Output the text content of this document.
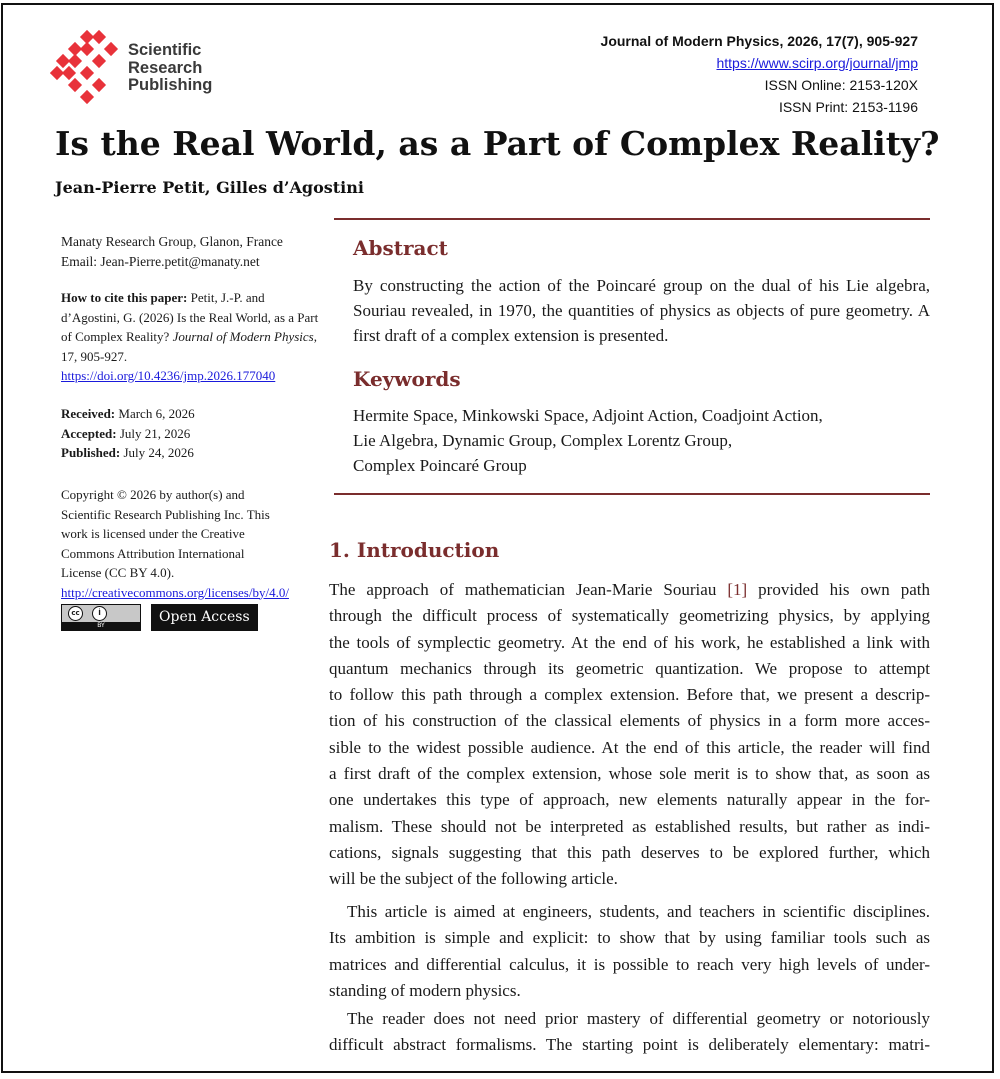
Scientific
Research
Publishing
Journal of Modern Physics, 2026, 17(7), 905-927
https://www.scirp.org/journal/jmp
ISSN Online: 2153-120X
ISSN Print: 2153-1196
Is the Real World, as a Part of Complex Reality?
Jean-Pierre Petit, Gilles d’Agostini
Manaty Research Group, Glanon, France
Email: Jean-Pierre.petit@manaty.net
How to cite this paper: Petit, J.-P. and d’Agostini, G. (2026) Is the Real World, as a Part of Complex Reality? Journal of Modern Physics, 17, 905-927.
https://doi.org/10.4236/jmp.2026.177040
Received: March 6, 2026
Accepted: July 21, 2026
Published: July 24, 2026
Copyright © 2026 by author(s) and Scientific Research Publishing Inc. This work is licensed under the Creative Commons Attribution International License (CC BY 4.0).
http://creativecommons.org/licenses/by/4.0/
cc	İ
BY
Open Access
Abstract
By constructing the action of the Poincaré group on the dual of his Lie algebra, Souriau revealed, in 1970, the quantities of physics as objects of pure geometry. A first draft of a complex extension is presented.
Keywords
Hermite Space, Minkowski Space, Adjoint Action, Coadjoint Action,
Lie Algebra, Dynamic Group, Complex Lorentz Group,
Complex Poincaré Group
1. Introduction
The approach of mathematician Jean-Marie Souriau [1] provided his own path
through the difficult process of systematically geometrizing physics, by applying
the tools of symplectic geometry. At the end of his work, he established a link with
quantum mechanics through its geometric quantization. We propose to attempt
to follow this path through a complex extension. Before that, we present a descrip-
tion of his construction of the classical elements of physics in a form more acces-
sible to the widest possible audience. At the end of this article, the reader will find
a first draft of the complex extension, whose sole merit is to show that, as soon as
one undertakes this type of approach, new elements naturally appear in the for-
malism. These should not be interpreted as established results, but rather as indi-
cations, signals suggesting that this path deserves to be explored further, which
will be the subject of the following article.
This article is aimed at engineers, students, and teachers in scientific disciplines.
Its ambition is simple and explicit: to show that by using familiar tools such as
matrices and differential calculus, it is possible to reach very high levels of under-
standing of modern physics.
The reader does not need prior mastery of differential geometry or notoriously
difficult abstract formalisms. The starting point is deliberately elementary: matri-
